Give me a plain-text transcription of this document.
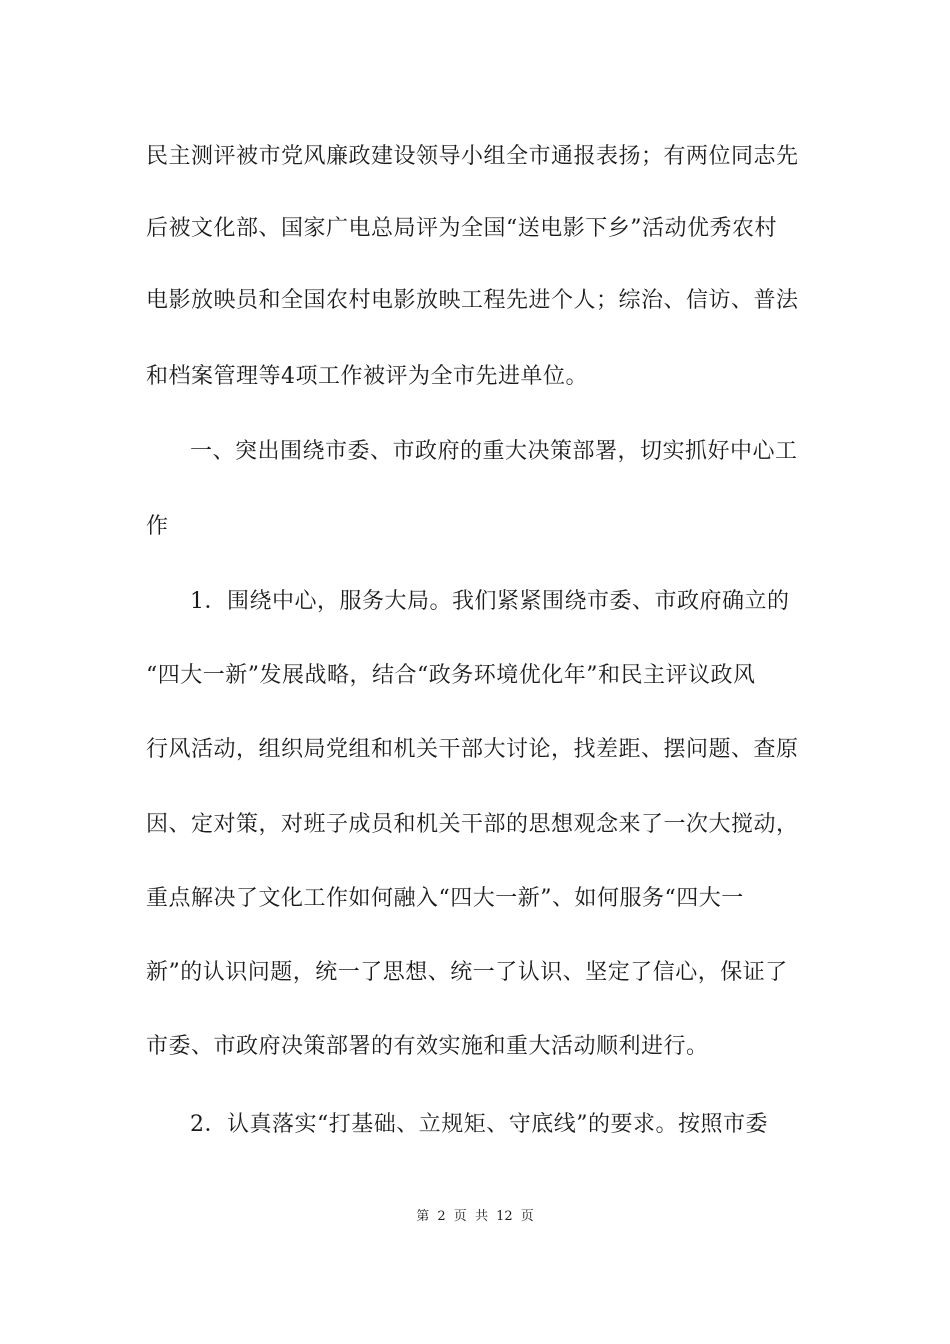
民主测评被市党风廉政建设领导小组全市通报表扬；有两位同志先
后被文化部、国家广电总局评为全国“送电影下乡”活动优秀农村
电影放映员和全国农村电影放映工程先进个人；综治、信访、普法
和档案管理等4项工作被评为全市先进单位。
一、突出围绕市委、市政府的重大决策部署，切实抓好中心工
作
1．围绕中心，服务大局。我们紧紧围绕市委、市政府确立的
“四大一新”发展战略，结合“政务环境优化年”和民主评议政风
行风活动，组织局党组和机关干部大讨论，找差距、摆问题、查原
因、定对策，对班子成员和机关干部的思想观念来了一次大搅动，
重点解决了文化工作如何融入“四大一新”、如何服务“四大一
新”的认识问题，统一了思想、统一了认识、坚定了信心，保证了
市委、市政府决策部署的有效实施和重大活动顺利进行。
2．认真落实“打基础、立规矩、守底线”的要求。按照市委
第 2 页 共 12 页
